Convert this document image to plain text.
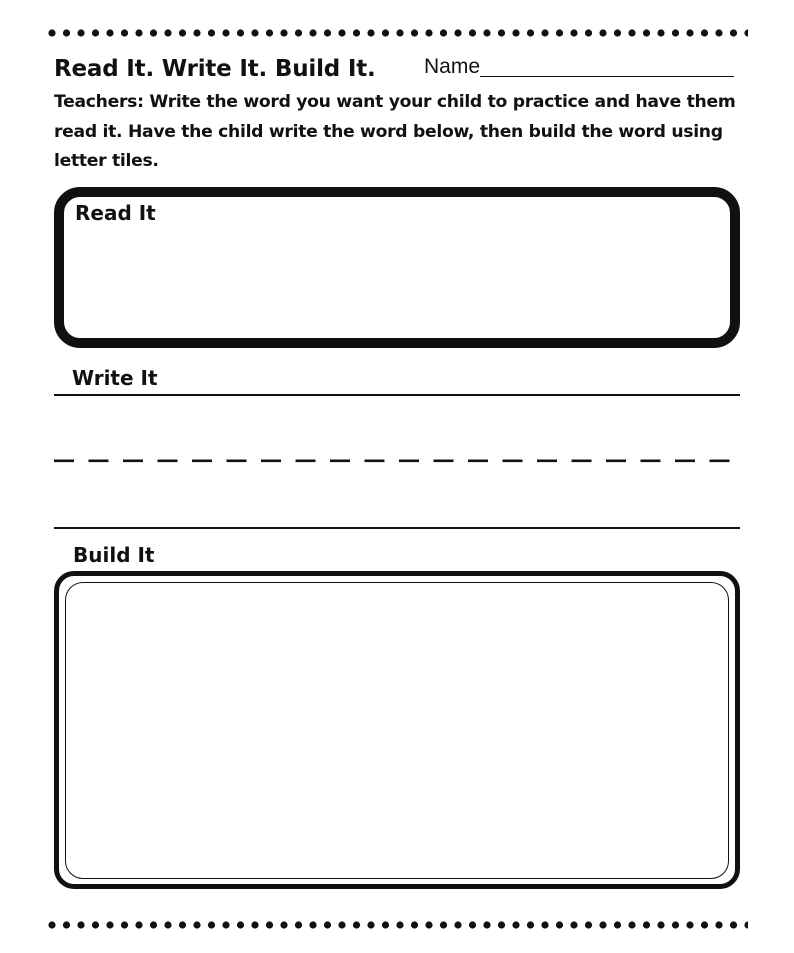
Read It. Write It. Build It. Name
Teachers: Write the word you want your child to practice and have them read it. Have the child write the word below, then build the word using letter tiles.
Read It
Write It
Build It
